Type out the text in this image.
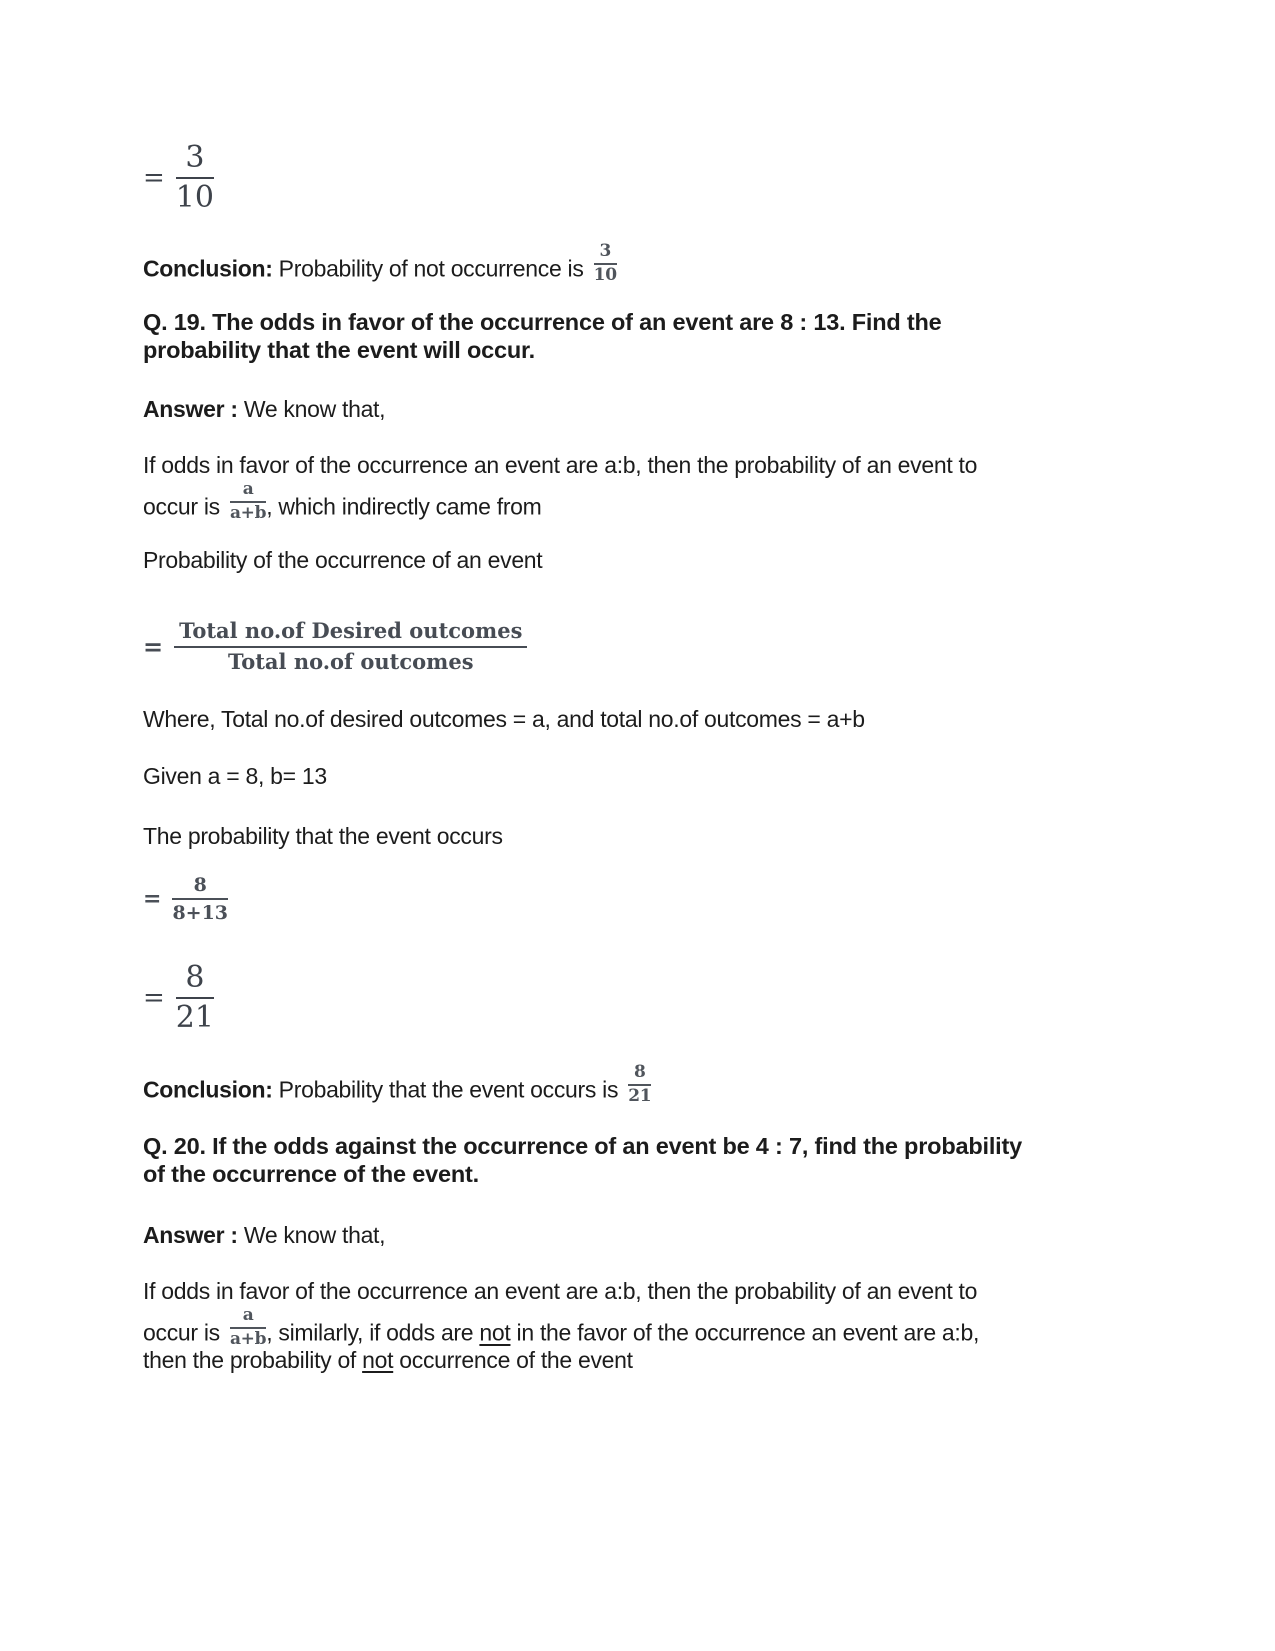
= $\frac{3}{10}$
Conclusion: Probability of not occurrence is $\frac{3}{10}$
Q. 19. The odds in favor of the occurrence of an event are 8 : 13. Find the
probability that the event will occur.
Answer : We know that,
If odds in favor of the occurrence an event are a:b, then the probability of an event to
occur is $\frac{a}{a+b}$ , which indirectly came from
Probability of the occurrence of an event
=
Total no.of Desired outcomes
Total no.of outcomes
Where, Total no.of desired outcomes = a, and total no.of outcomes = a+b
Given a = 8, b= 13
The probability that the event occurs
= $\frac{8}{8+13}$
= $\frac{8}{21}$
Conclusion: Probability that the event occurs is $\frac{8}{21}$
Q. 20. If the odds against the occurrence of an event be 4 : 7, find the probability
of the occurrence of the event.
Answer : We know that,
If odds in favor of the occurrence an event are a:b, then the probability of an event to
occur is $\frac{a}{a+b}$ , similarly, if odds are not in the favor of the occurrence an event are a:b,
then the probability of not occurrence of the event
